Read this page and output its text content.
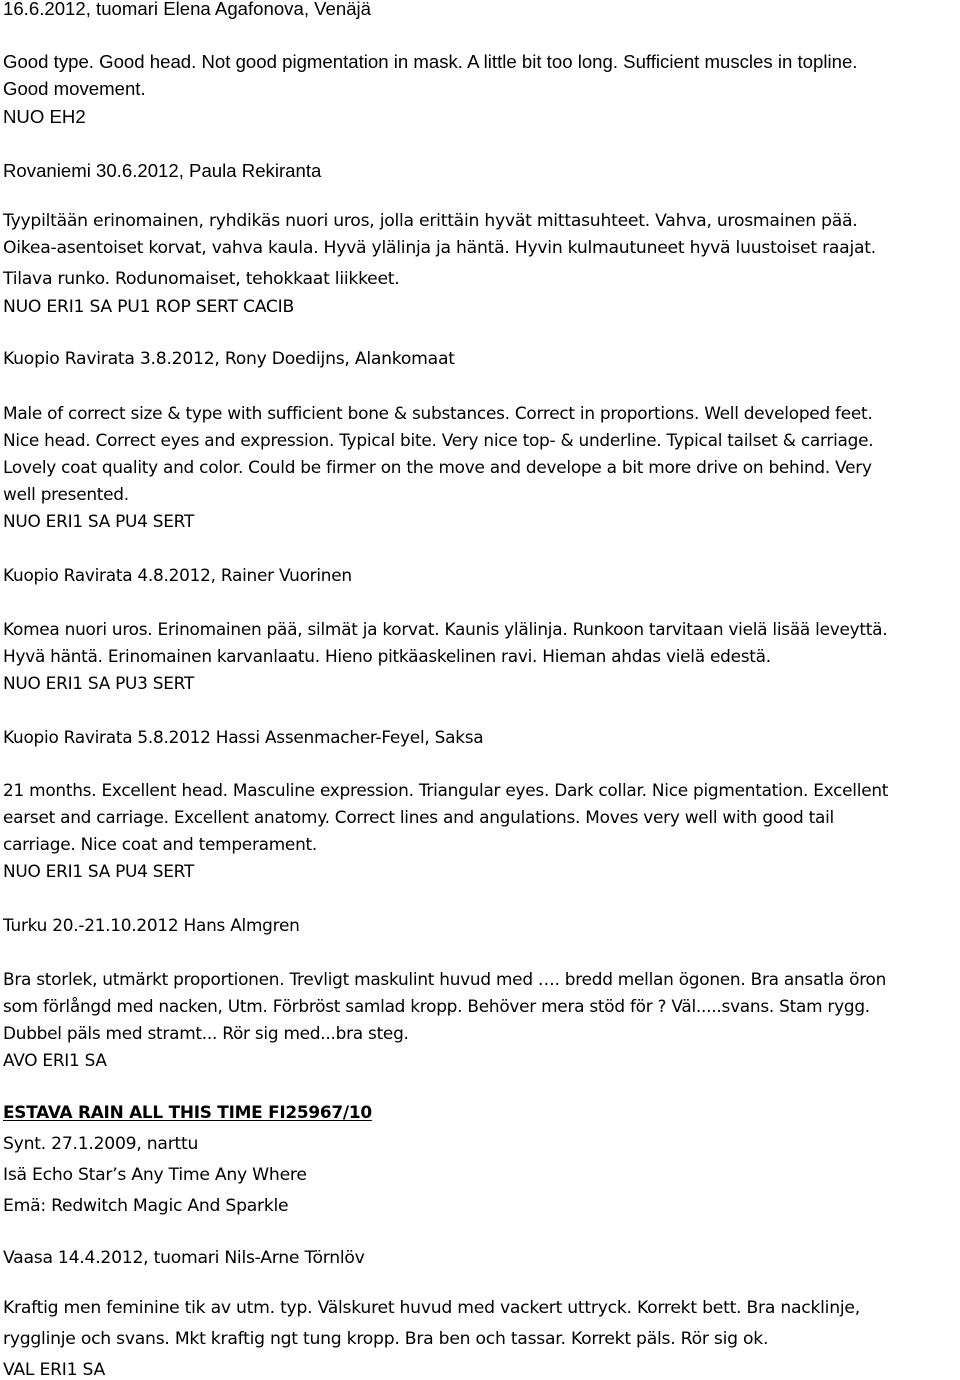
16.6.2012, tuomari Elena Agafonova, Venäjä
Good type. Good head. Not good pigmentation in mask. A little bit too long. Sufficient muscles in topline.
Good movement.
NUO EH2
Rovaniemi 30.6.2012, Paula Rekiranta
Tyypiltään erinomainen, ryhdikäs nuori uros, jolla erittäin hyvät mittasuhteet. Vahva, urosmainen pää.
Oikea-asentoiset korvat, vahva kaula. Hyvä ylälinja ja häntä. Hyvin kulmautuneet hyvä luustoiset raajat.
Tilava runko. Rodunomaiset, tehokkaat liikkeet.
NUO ERI1 SA PU1 ROP SERT CACIB
Kuopio Ravirata 3.8.2012, Rony Doedijns, Alankomaat
Male of correct size & type with sufficient bone & substances. Correct in proportions. Well developed feet.
Nice head. Correct eyes and expression. Typical bite. Very nice top- & underline. Typical tailset & carriage.
Lovely coat quality and color. Could be firmer on the move and develope a bit more drive on behind. Very
well presented.
NUO ERI1 SA PU4 SERT
Kuopio Ravirata 4.8.2012, Rainer Vuorinen
Komea nuori uros. Erinomainen pää, silmät ja korvat. Kaunis ylälinja. Runkoon tarvitaan vielä lisää leveyttä.
Hyvä häntä. Erinomainen karvanlaatu. Hieno pitkäaskelinen ravi. Hieman ahdas vielä edestä.
NUO ERI1 SA PU3 SERT
Kuopio Ravirata 5.8.2012 Hassi Assenmacher-Feyel, Saksa
21 months. Excellent head. Masculine expression. Triangular eyes. Dark collar. Nice pigmentation. Excellent
earset and carriage. Excellent anatomy. Correct lines and angulations. Moves very well with good tail
carriage. Nice coat and temperament.
NUO ERI1 SA PU4 SERT
Turku 20.-21.10.2012 Hans Almgren
Bra storlek, utmärkt proportionen. Trevligt maskulint huvud med …. bredd mellan ögonen. Bra ansatla öron
som förlångd med nacken, Utm. Förbröst samlad kropp. Behöver mera stöd för ? Väl.....svans. Stam rygg.
Dubbel päls med stramt... Rör sig med...bra steg.
AVO ERI1 SA
ESTAVA RAIN ALL THIS TIME FI25967/10
Synt. 27.1.2009, narttu
Isä Echo Star’s Any Time Any Where
Emä: Redwitch Magic And Sparkle
Vaasa 14.4.2012, tuomari Nils-Arne Törnlöv
Kraftig men feminine tik av utm. typ. Välskuret huvud med vackert uttryck. Korrekt bett. Bra nacklinje,
rygglinje och svans. Mkt kraftig ngt tung kropp. Bra ben och tassar. Korrekt päls. Rör sig ok.
VAL ERI1 SA
